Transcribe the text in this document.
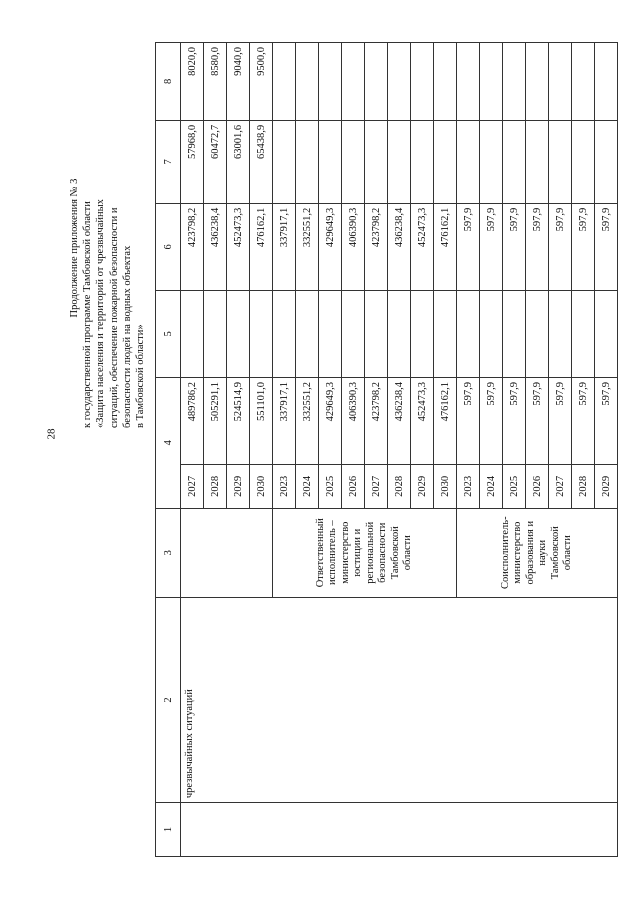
28
Продолжение приложения № 3 к государственной программе Тамбовской области «Защита населения и территорий от чрезвычайных ситуаций, обеспечение пожарной безопасности и безопасности людей на водных объектах в Тамбовской области»
1	2	3	4		5	6	7	8
	чрезвычайных ситуаций		2027	489786,2		423798,2	57968,0	8020,0
			2028	505291,1		436238,4	60472,7	8580,0
			2029	524514,9		452473,3	63001,6	9040,0
			2030	551101,0		476162,1	65438,9	9500,0
		Ответственный исполнитель – министерство юстиции и региональной безопасности Тамбовской области	2023	337917,1		337917,1		
			2024	332551,2		332551,2		
			2025	429649,3		429649,3		
			2026	406390,3		406390,3		
			2027	423798,2		423798,2		
			2028	436238,4		436238,4		
			2029	452473,3		452473,3		
			2030	476162,1		476162,1		
		Соисполнитель- министерство образования и науки Тамбовской области	2023	597,9		597,9		
			2024	597,9		597,9		
			2025	597,9		597,9		
			2026	597,9		597,9		
			2027	597,9		597,9		
			2028	597,9		597,9		
			2029	597,9		597,9		
